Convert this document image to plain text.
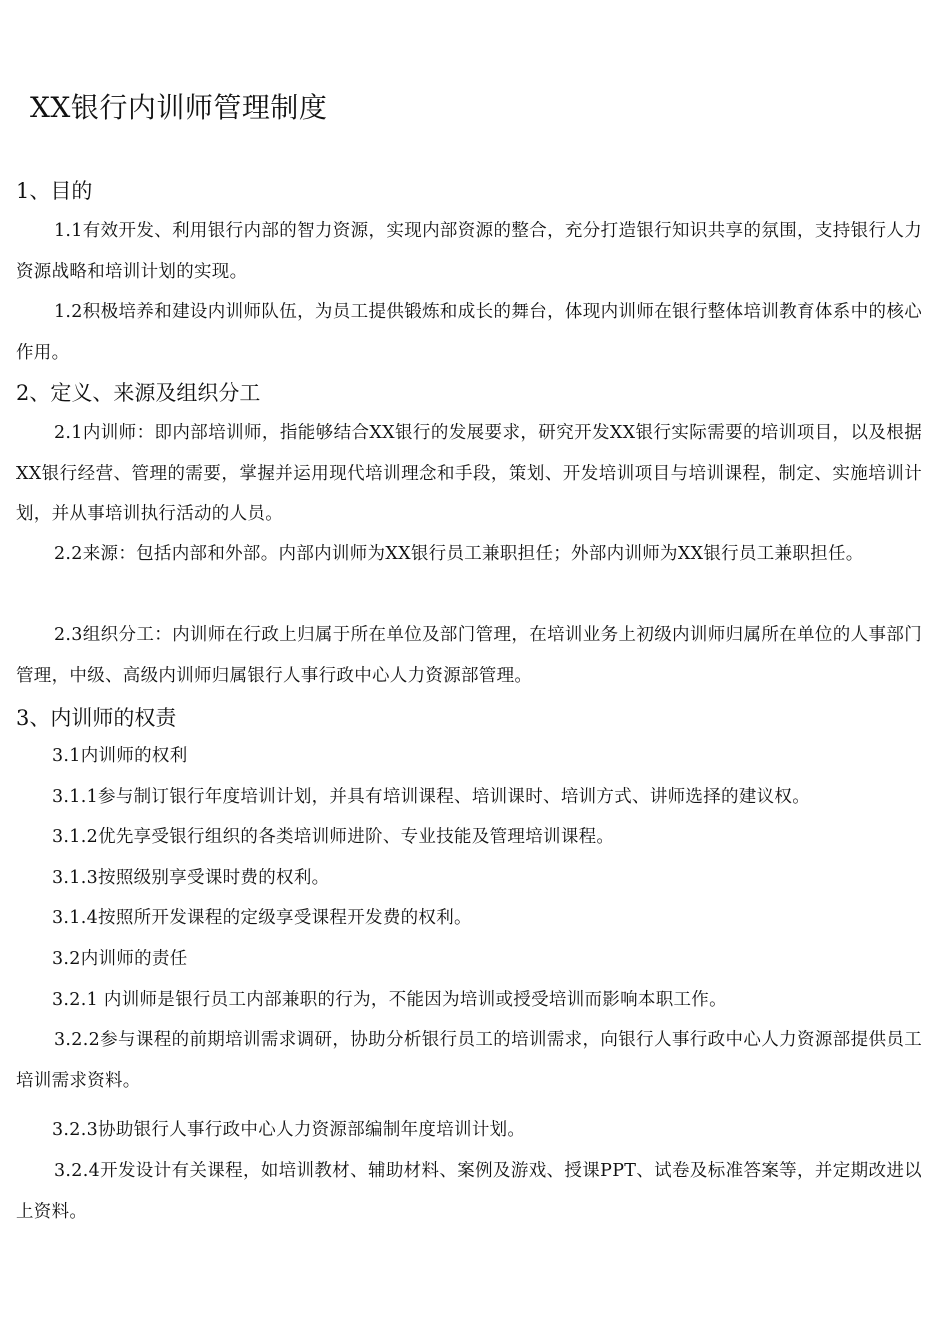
XX银行内训师管理制度
1、目的
1.1有效开发、利用银行内部的智力资源，实现内部资源的整合，充分打造银行知识共享的氛围，支持银行人力资源战略和培训计划的实现。
1.2积极培养和建设内训师队伍，为员工提供锻炼和成长的舞台，体现内训师在银行整体培训教育体系中的核心作用。
2、定义、来源及组织分工
2.1内训师：即内部培训师，指能够结合XX银行的发展要求，研究开发XX银行实际需要的培训项目，以及根据XX银行经营、管理的需要，掌握并运用现代培训理念和手段，策划、开发培训项目与培训课程，制定、实施培训计划，并从事培训执行活动的人员。
2.2来源：包括内部和外部。内部内训师为XX银行员工兼职担任；外部内训师为XX银行员工兼职担任。
2.3组织分工：内训师在行政上归属于所在单位及部门管理，在培训业务上初级内训师归属所在单位的人事部门管理，中级、高级内训师归属银行人事行政中心人力资源部管理。
3、内训师的权责
3.1内训师的权利
3.1.1参与制订银行年度培训计划，并具有培训课程、培训课时、培训方式、讲师选择的建议权。
3.1.2优先享受银行组织的各类培训师进阶、专业技能及管理培训课程。
3.1.3按照级别享受课时费的权利。
3.1.4按照所开发课程的定级享受课程开发费的权利。
3.2内训师的责任
3.2.1 内训师是银行员工内部兼职的行为，不能因为培训或授受培训而影响本职工作。
3.2.2参与课程的前期培训需求调研，协助分析银行员工的培训需求，向银行人事行政中心人力资源部提供员工培训需求资料。
3.2.3协助银行人事行政中心人力资源部编制年度培训计划。
3.2.4开发设计有关课程，如培训教材、辅助材料、案例及游戏、授课PPT、试卷及标准答案等，并定期改进以上资料。
